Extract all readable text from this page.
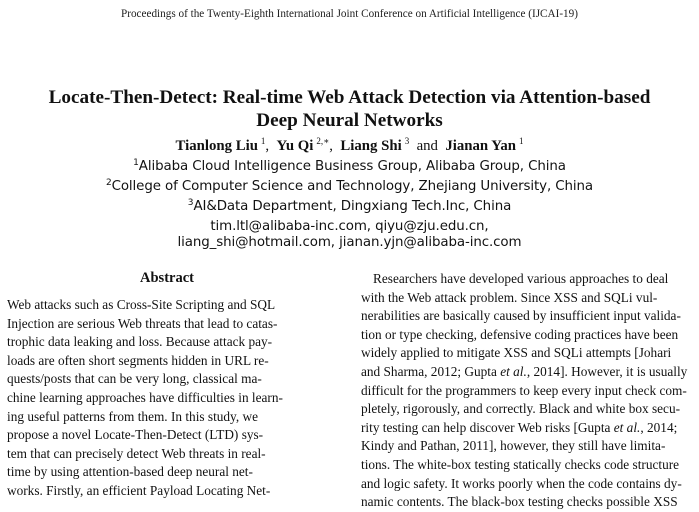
Proceedings of the Twenty-Eighth International Joint Conference on Artificial Intelligence (IJCAI-19)
Locate-Then-Detect: Real-time Web Attack Detection via Attention-based
Deep Neural Networks
Tianlong Liu $^1$, Yu Qi $^{2,∗}$, Liang Shi $^3$ and Jianan Yan $^1$
$^1$Alibaba Cloud Intelligence Business Group, Alibaba Group, China
$^2$College of Computer Science and Technology, Zhejiang University, China
$^3$AI&Data Department, Dingxiang Tech.Inc, China
tim.ltl@alibaba-inc.com, qiyu@zju.edu.cn,
liang_shi@hotmail.com, jianan.yjn@alibaba-inc.com
Abstract
Web attacks such as Cross-Site Scripting and SQL
Injection are serious Web threats that lead to catas-
trophic data leaking and loss. Because attack pay-
loads are often short segments hidden in URL re-
quests/posts that can be very long, classical ma-
chine learning approaches have difficulties in learn-
ing useful patterns from them. In this study, we
propose a novel Locate-Then-Detect (LTD) sys-
tem that can precisely detect Web threats in real-
time by using attention-based deep neural net-
works. Firstly, an efficient Payload Locating Net-
Researchers have developed various approaches to deal
with the Web attack problem. Since XSS and SQLi vul-
nerabilities are basically caused by insufficient input valida-
tion or type checking, defensive coding practices have been
widely applied to mitigate XSS and SQLi attempts [Johari
and Sharma, 2012; Gupta et al., 2014]. However, it is usually
difficult for the programmers to keep every input check com-
pletely, rigorously, and correctly. Black and white box secu-
rity testing can help discover Web risks [Gupta et al., 2014;
Kindy and Pathan, 2011], however, they still have limita-
tions. The white-box testing statically checks code structure
and logic safety. It works poorly when the code contains dy-
namic contents. The black-box testing checks possible XSS
